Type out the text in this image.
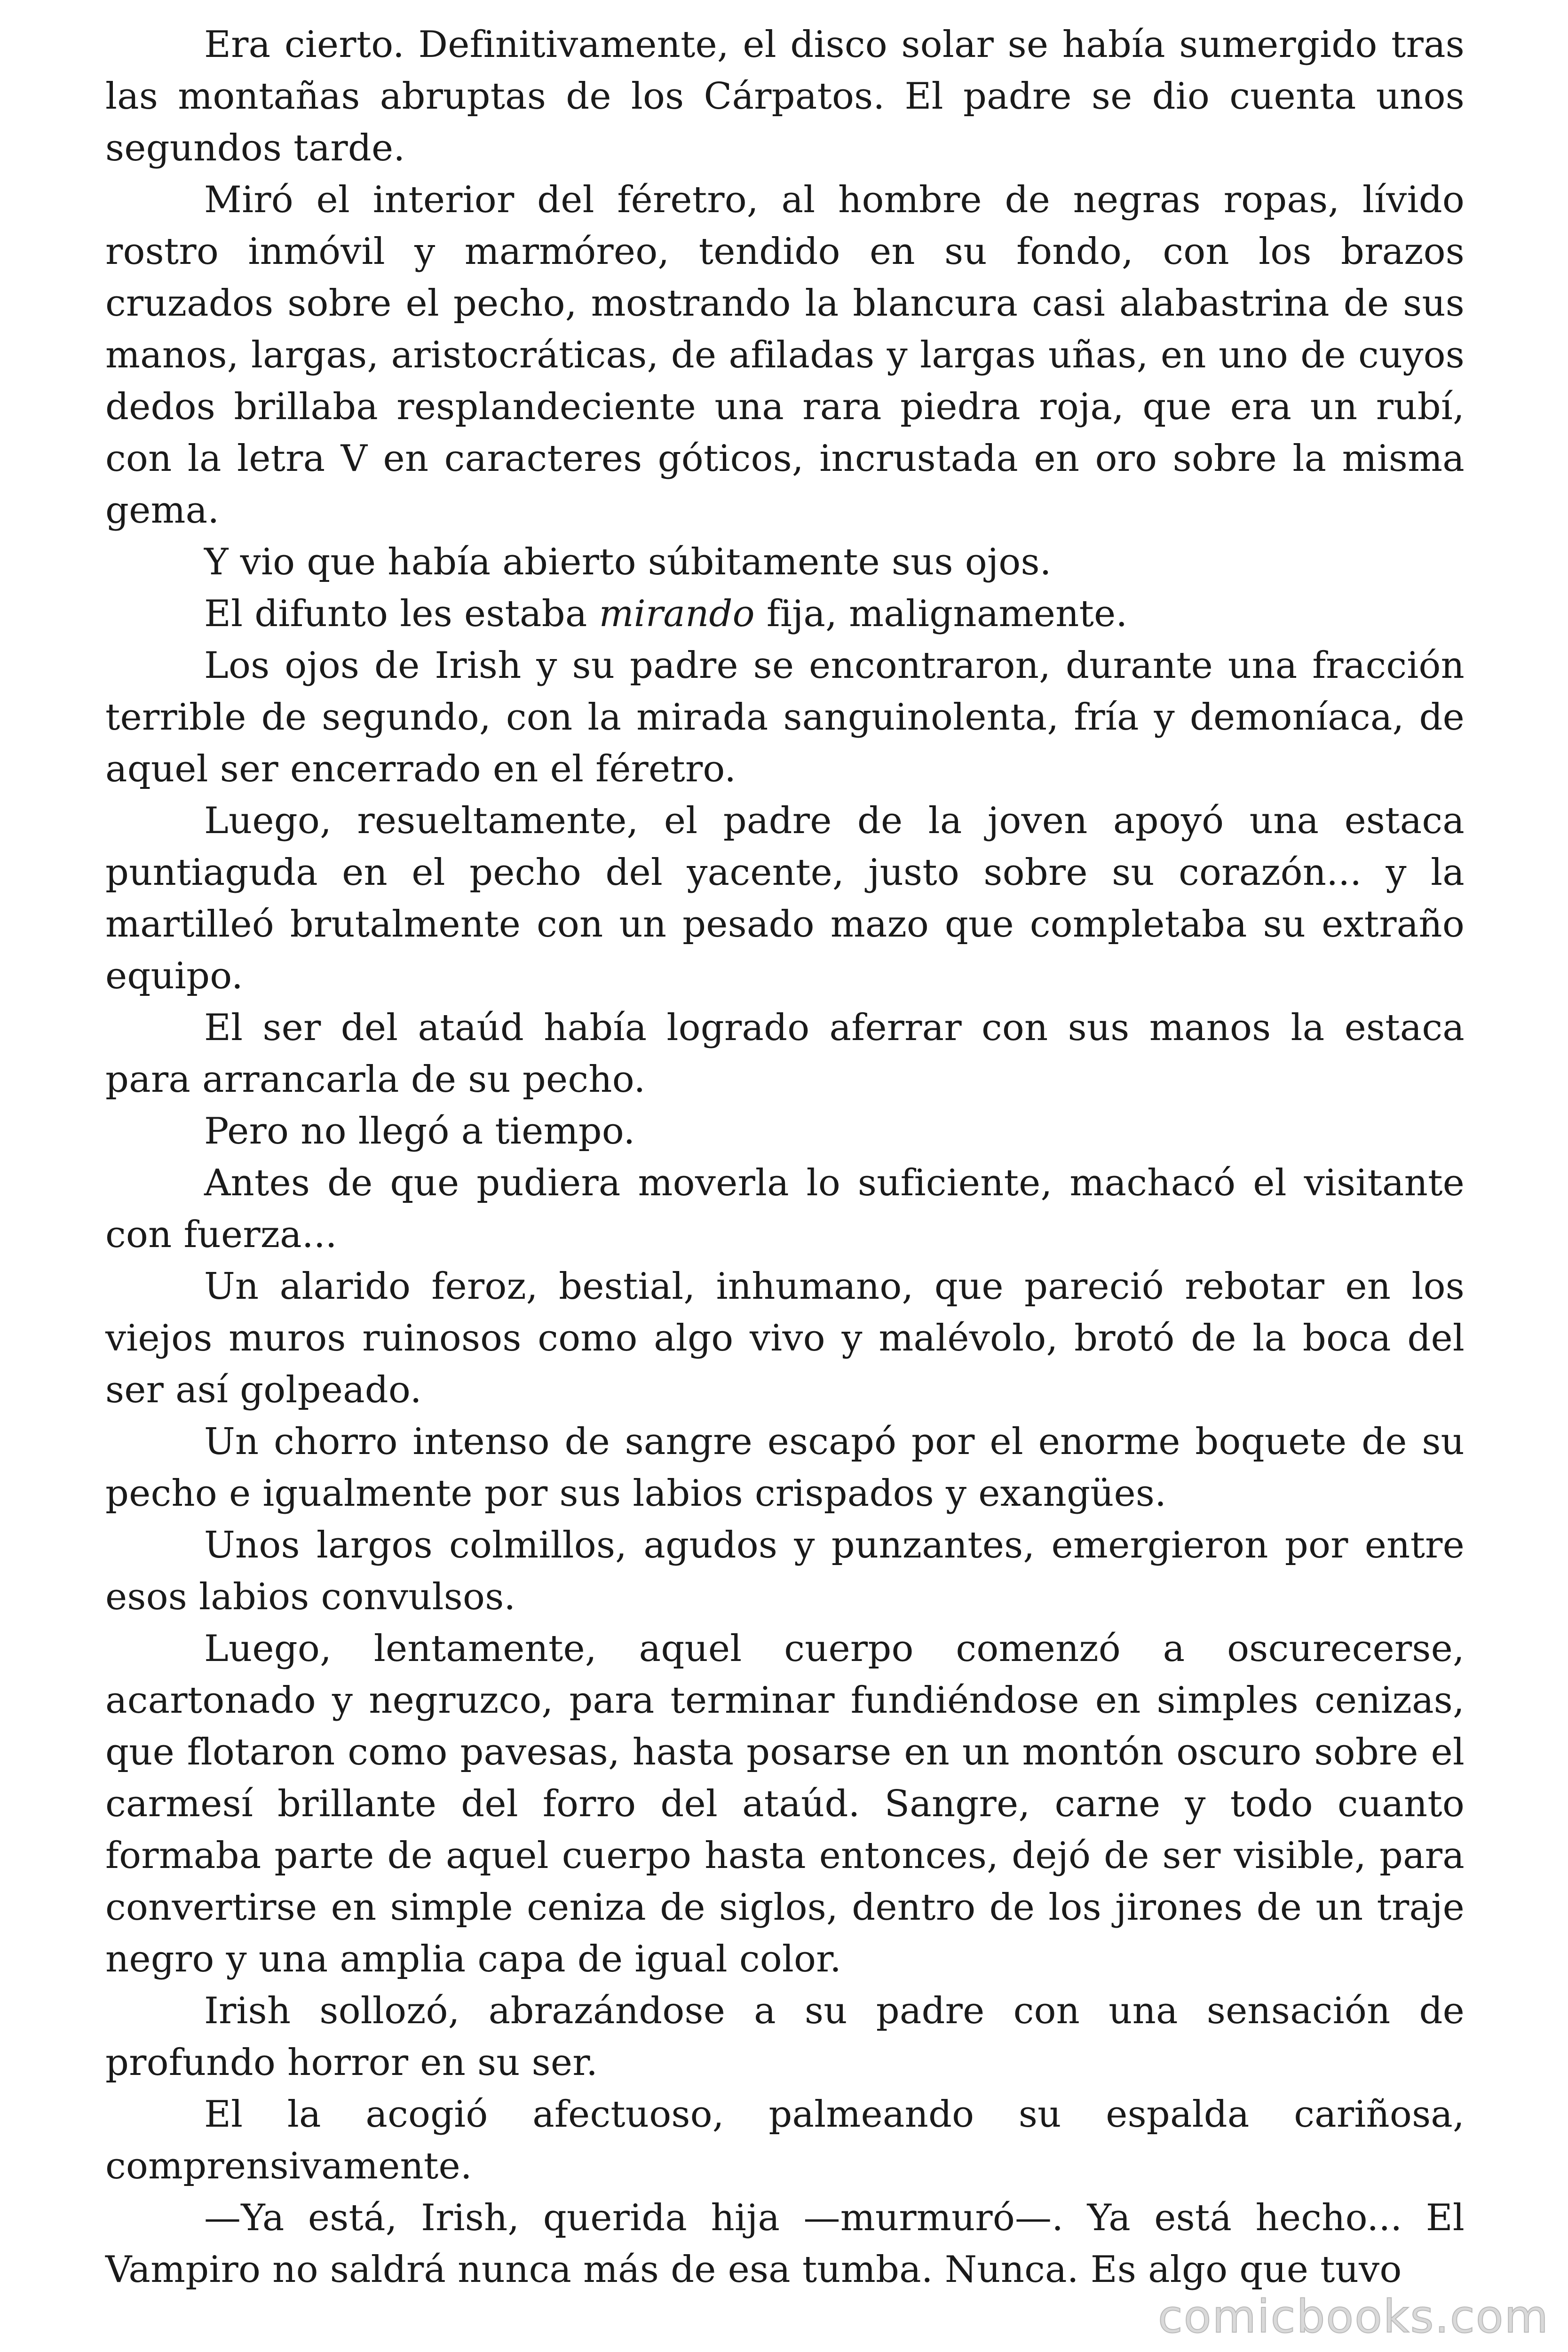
Era cierto. Definitivamente, el disco solar se había sumergido tras las montañas abruptas de los Cárpatos. El padre se dio cuenta unos segundos tarde.

Miró el interior del féretro, al hombre de negras ropas, lívido rostro inmóvil y marmóreo, tendido en su fondo, con los brazos cruzados sobre el pecho, mostrando la blancura casi alabastrina de sus manos, largas, aristocráticas, de afiladas y largas uñas, en uno de cuyos dedos brillaba resplandeciente una rara piedra roja, que era un rubí, con la letra V en caracteres góticos, incrustada en oro sobre la misma gema.

Y vio que había abierto súbitamente sus ojos.

El difunto les estaba mirando fija, malignamente.

Los ojos de Irish y su padre se encontraron, durante una fracción terrible de segundo, con la mirada sanguinolenta, fría y demoníaca, de aquel ser encerrado en el féretro.

Luego, resueltamente, el padre de la joven apoyó una estaca puntiaguda en el pecho del yacente, justo sobre su corazón... y la martilleó brutalmente con un pesado mazo que completaba su extraño equipo.

El ser del ataúd había logrado aferrar con sus manos la estaca para arrancarla de su pecho.

Pero no llegó a tiempo.

Antes de que pudiera moverla lo suficiente, machacó el visitante con fuerza...

Un alarido feroz, bestial, inhumano, que pareció rebotar en los viejos muros ruinosos como algo vivo y malévolo, brotó de la boca del ser así golpeado.

Un chorro intenso de sangre escapó por el enorme boquete de su pecho e igualmente por sus labios crispados y exangües.

Unos largos colmillos, agudos y punzantes, emergieron por entre esos labios convulsos.

Luego, lentamente, aquel cuerpo comenzó a oscurecerse, acartonado y negruzco, para terminar fundiéndose en simples cenizas, que flotaron como pavesas, hasta posarse en un montón oscuro sobre el carmesí brillante del forro del ataúd. Sangre, carne y todo cuanto formaba parte de aquel cuerpo hasta entonces, dejó de ser visible, para convertirse en simple ceniza de siglos, dentro de los jirones de un traje negro y una amplia capa de igual color.

Irish sollozó, abrazándose a su padre con una sensación de profundo horror en su ser.

El la acogió afectuoso, palmeando su espalda cariñosa, comprensivamente.

—Ya está, Irish, querida hija —murmuró—. Ya está hecho... El Vampiro no saldrá nunca más de esa tumba. Nunca. Es algo que tuvo

comicbooks.com
